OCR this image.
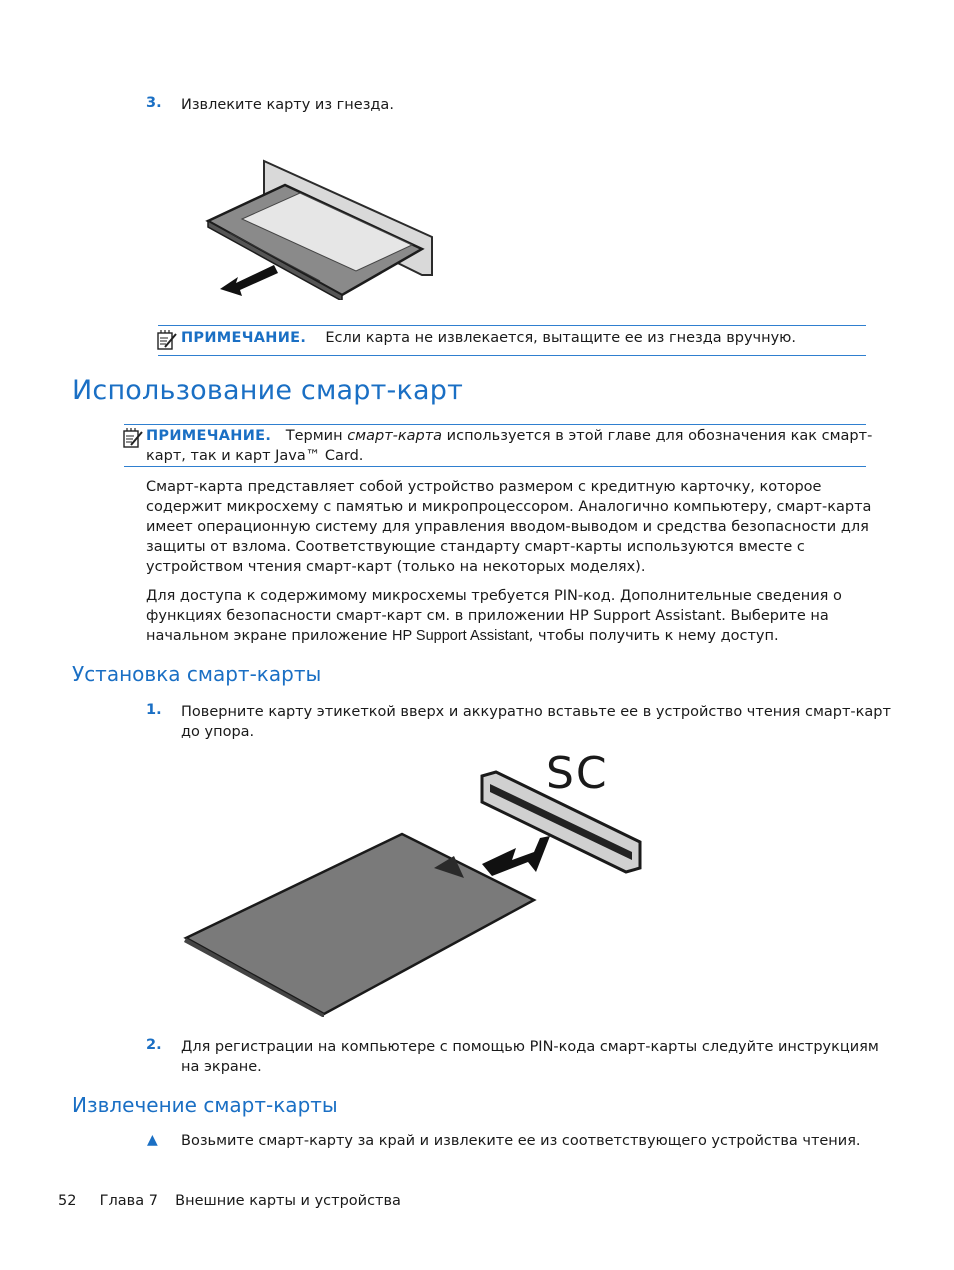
3. Извлеките карту из гнезда.
ПРИМЕЧАНИЕ. Если карта не извлекается, вытащите ее из гнезда вручную.
Использование смарт-карт
ПРИМЕЧАНИЕ. Термин смарт-карта используется в этой главе для обозначения как смарт-
карт, так и карт Java™ Card.
Смарт-карта представляет собой устройство размером с кредитную карточку, которое
содержит микросхему с памятью и микропроцессором. Аналогично компьютеру, смарт-карта
имеет операционную систему для управления вводом-выводом и средства безопасности для
защиты от взлома. Соответствующие стандарту смарт-карты используются вместе с
устройством чтения смарт-карт (только на некоторых моделях).
Для доступа к содержимому микросхемы требуется PIN-код. Дополнительные сведения о
функциях безопасности смарт-карт см. в приложении HP Support Assistant. Выберите на
начальном экране приложение HP Support Assistant, чтобы получить к нему доступ.
Установка смарт-карты
1. Поверните карту этикеткой вверх и аккуратно вставьте ее в устройство чтения смарт-карт
до упора.
SC
2. Для регистрации на компьютере с помощью PIN-кода смарт-карты следуйте инструкциям
на экране.
Извлечение смарт-карты
▲ Возьмите смарт-карту за край и извлеките ее из соответствующего устройства чтения.
52 Глава 7 Внешние карты и устройства
